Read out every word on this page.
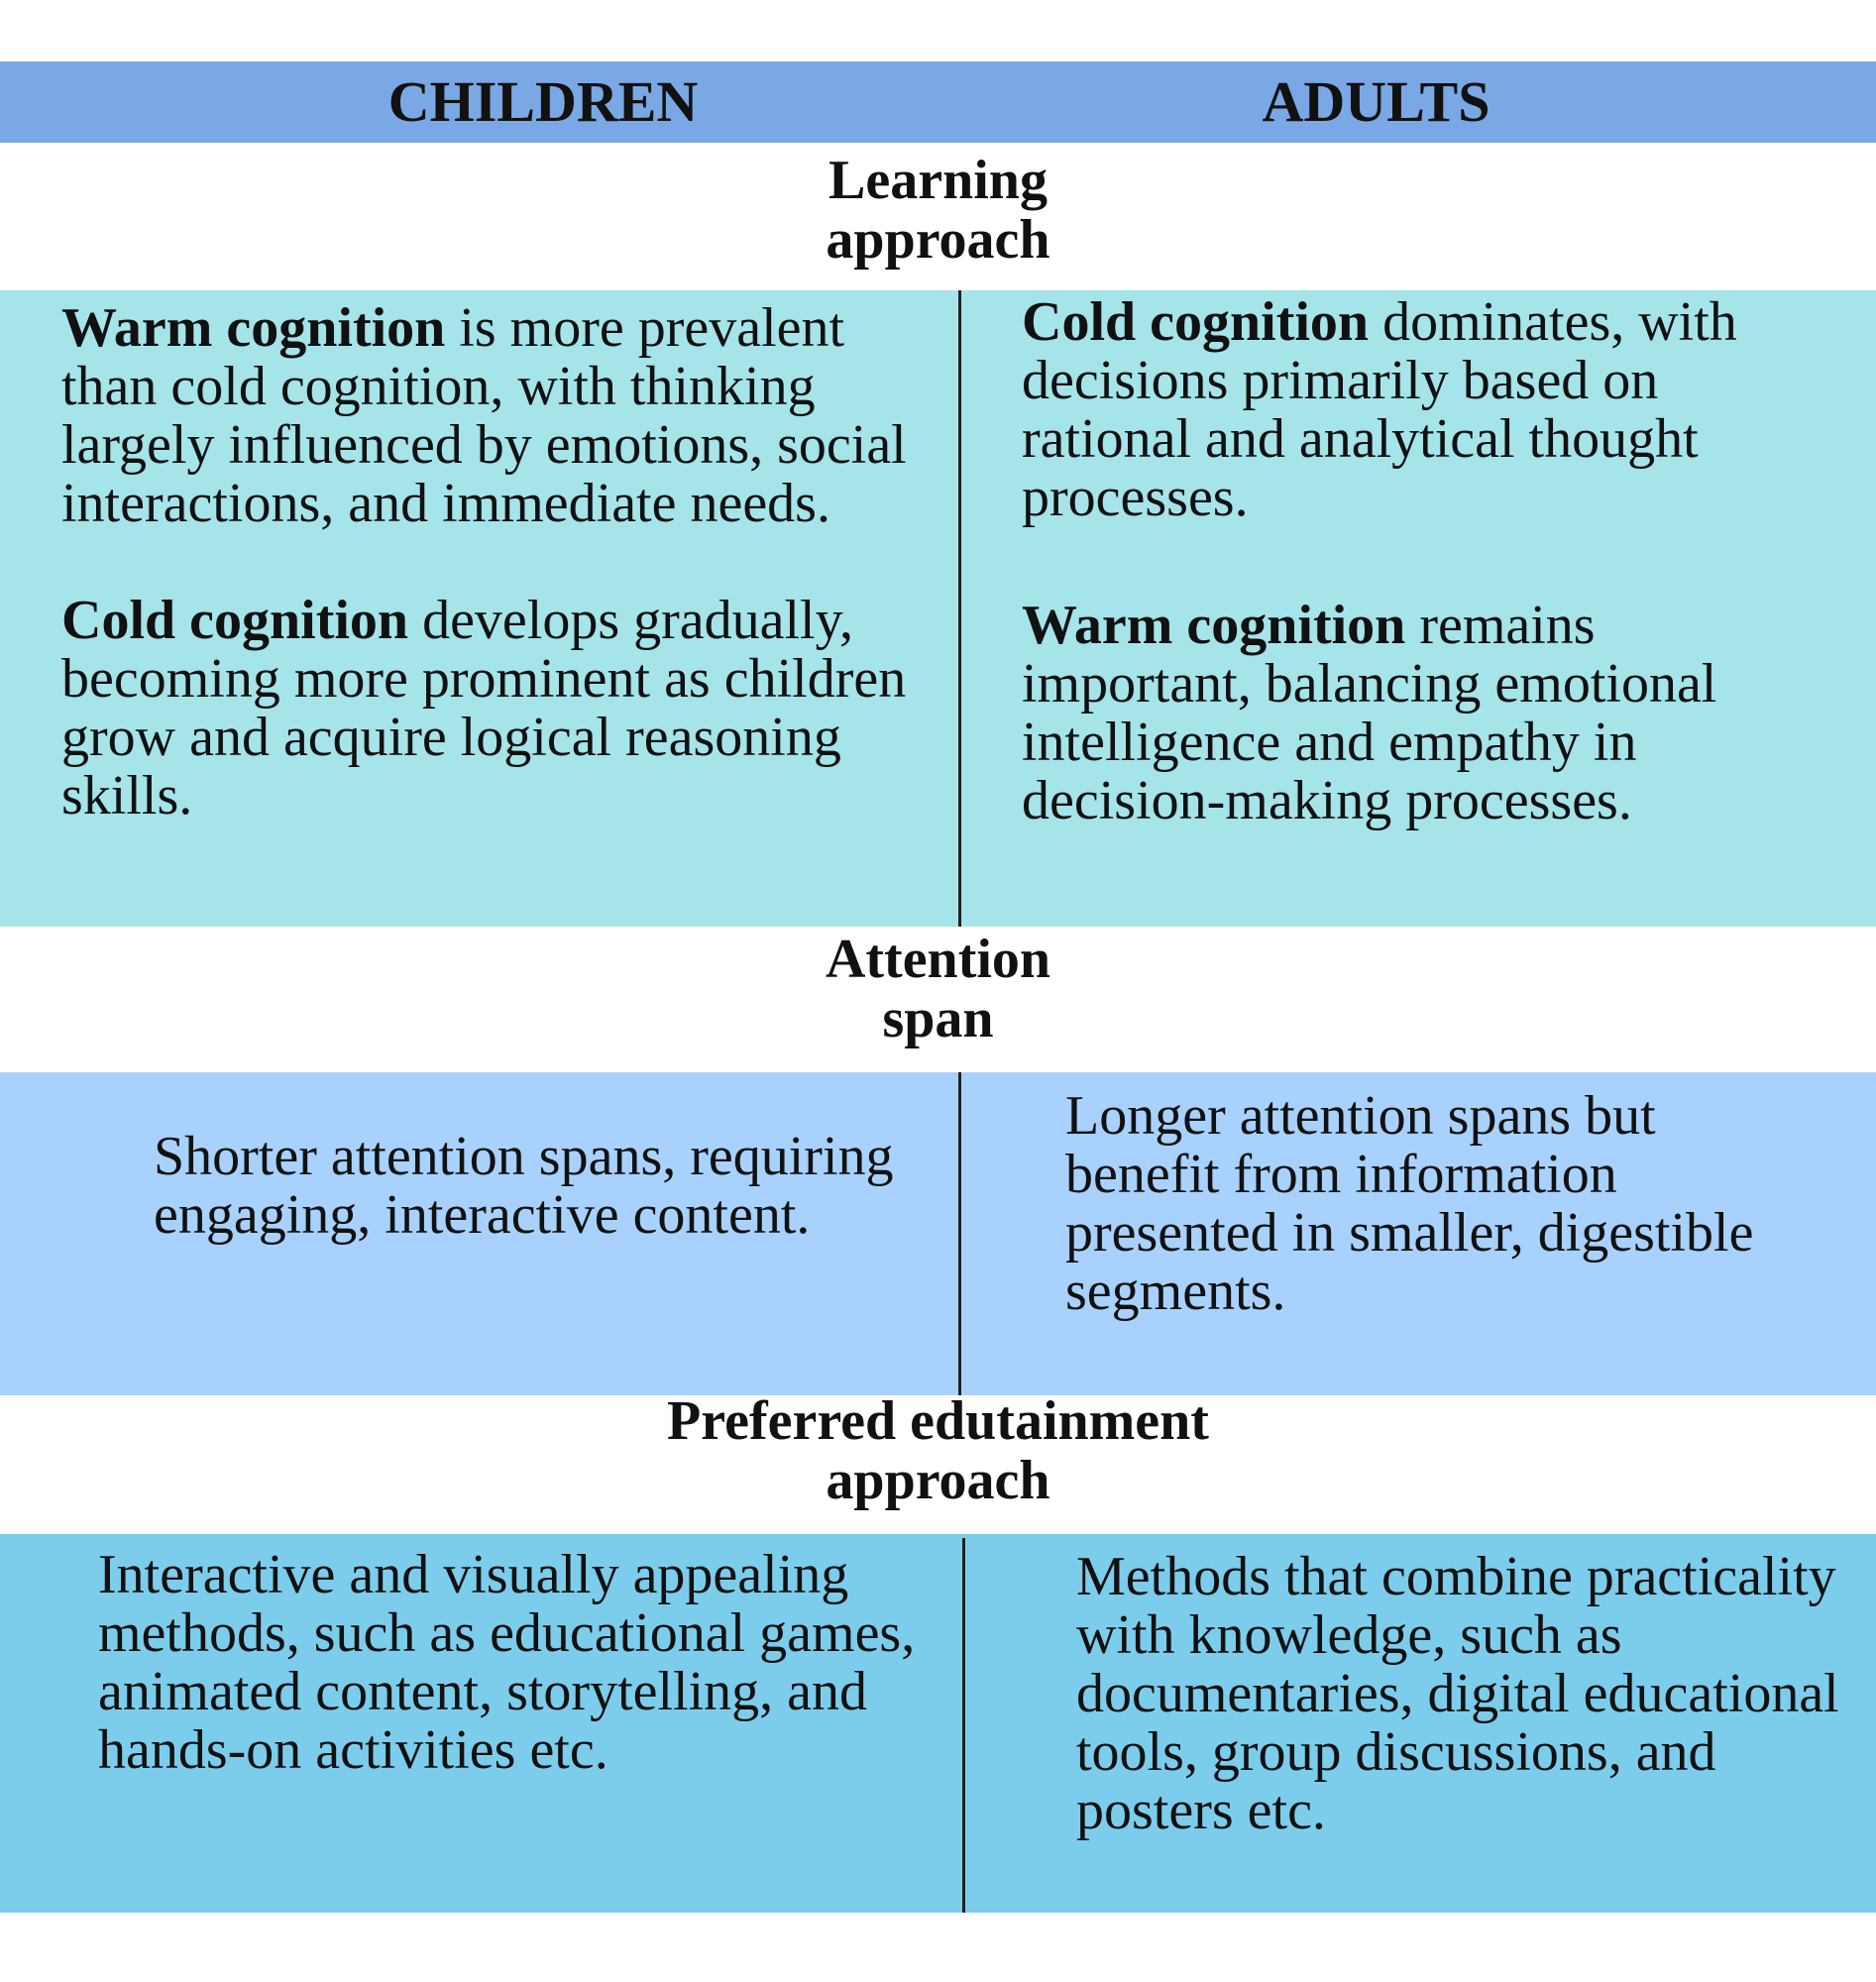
CHILDREN	ADULTS
Learning
approach
Warm cognition is more prevalent than cold cognition, with thinking largely influenced by emotions, social interactions, and immediate needs.
Cold cognition develops gradually, becoming more prominent as children grow and acquire logical reasoning skills.
Cold cognition dominates, with decisions primarily based on rational and analytical thought processes.
Warm cognition remains important, balancing emotional intelligence and empathy in decision-making processes.
Attention
span
Shorter attention spans, requiring engaging, interactive content.
Longer attention spans but benefit from information presented in smaller, digestible segments.
Preferred edutainment
approach
Interactive and visually appealing methods, such as educational games, animated content, storytelling, and hands-on activities etc.
Methods that combine practicality with knowledge, such as documentaries, digital educational tools, group discussions, and posters etc.
